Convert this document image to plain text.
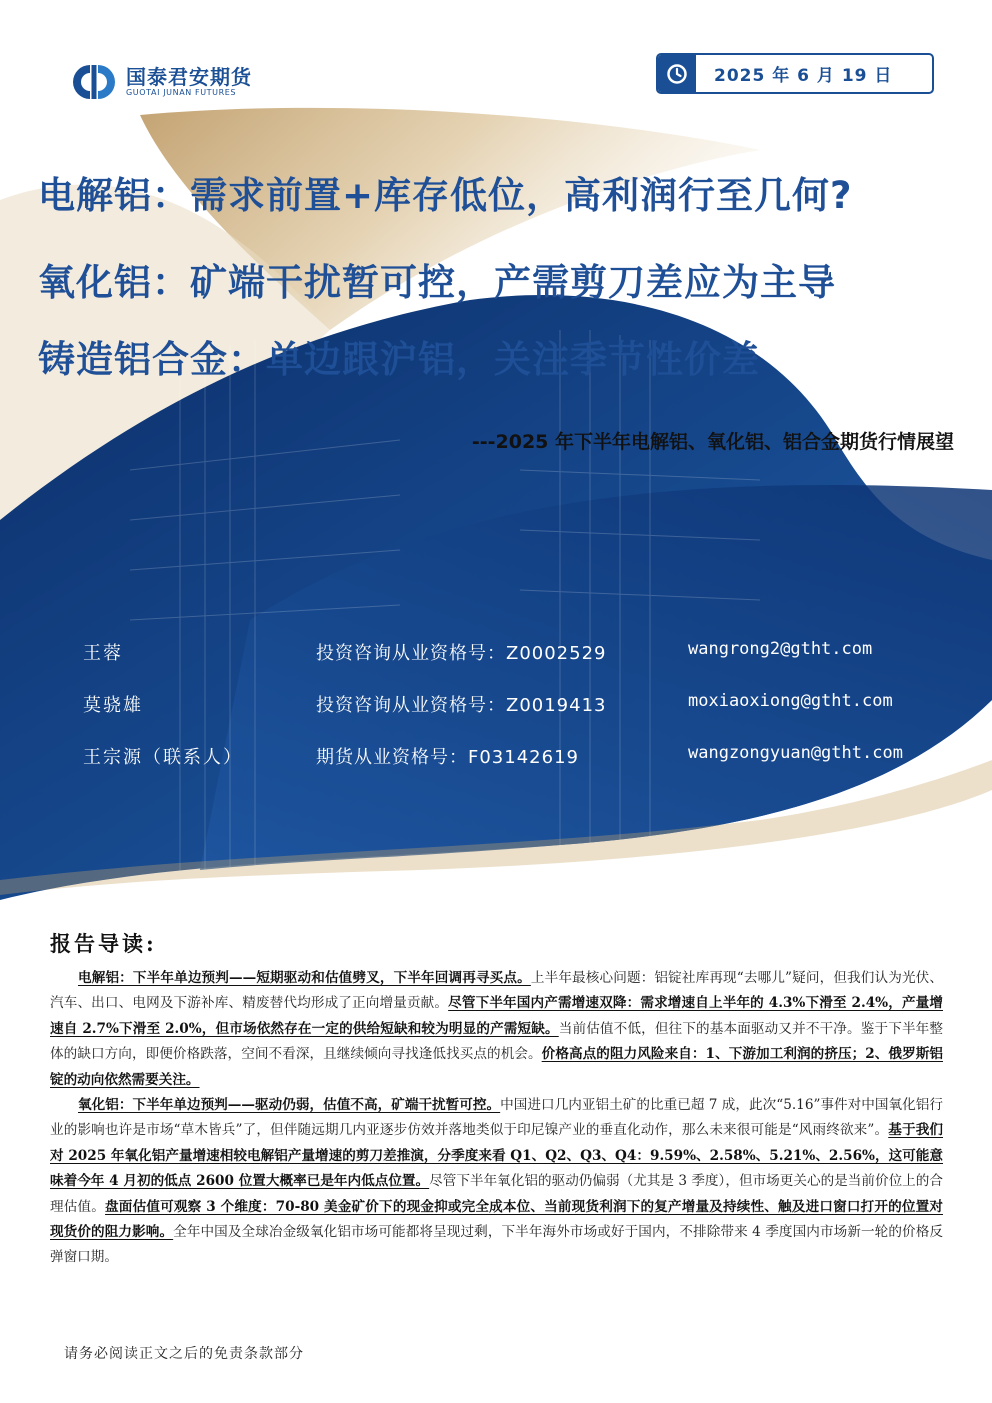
国泰君安期货
GUOTAI JUNAN FUTURES
2025 年 6 月 19 日
电解铝：需求前置+库存低位，高利润行至几何?
氧化铝：矿端干扰暂可控，产需剪刀差应为主导
铸造铝合金：单边跟沪铝，关注季节性价差
---2025 年下半年电解铝、氧化铝、铝合金期货行情展望
王蓉	投资咨询从业资格号：Z0002529	wangrong2@gtht.com
莫骁雄	投资咨询从业资格号：Z0019413	moxiaoxiong@gtht.com
王宗源（联系人）	期货从业资格号：F03142619	wangzongyuan@gtht.com
报告导读:

电解铝：下半年单边预判——短期驱动和估值劈叉，下半年回调再寻买点。上半年最核心问题：铝锭社库再现“去哪儿”疑问，但我们认为光伏、汽车、出口、电网及下游补库、精废替代均形成了正向增量贡献。尽管下半年国内产需增速双降：需求增速自上半年的 4.3%下滑至 2.4%，产量增速自 2.7%下滑至 2.0%，但市场依然存在一定的供给短缺和较为明显的产需短缺。当前估值不低，但往下的基本面驱动又并不干净。鉴于下半年整体的缺口方向，即便价格跌落，空间不看深，且继续倾向寻找逢低找买点的机会。价格高点的阻力风险来自：1、下游加工利润的挤压；2、俄罗斯铝锭的动向依然需要关注。

氧化铝：下半年单边预判——驱动仍弱，估值不高，矿端干扰暂可控。中国进口几内亚铝土矿的比重已超 7 成，此次“5.16”事件对中国氧化铝行业的影响也许是市场“草木皆兵”了，但伴随远期几内亚逐步仿效并落地类似于印尼镍产业的垂直化动作，那么未来很可能是“风雨终欲来”。基于我们对 2025 年氧化铝产量增速相较电解铝产量增速的剪刀差推演，分季度来看 Q1、Q2、Q3、Q4：9.59%、2.58%、5.21%、2.56%，这可能意味着今年 4 月初的低点 2600 位置大概率已是年内低点位置。尽管下半年氧化铝的驱动仍偏弱（尤其是 3 季度），但市场更关心的是当前价位上的合理估值。盘面估值可观察 3 个维度：70-80 美金矿价下的现金抑或完全成本位、当前现货利润下的复产增量及持续性、触及进口窗口打开的位置对现货价的阻力影响。全年中国及全球冶金级氧化铝市场可能都将呈现过剩，下半年海外市场或好于国内，不排除带来 4 季度国内市场新一轮的价格反弹窗口期。

请务必阅读正文之后的免责条款部分
